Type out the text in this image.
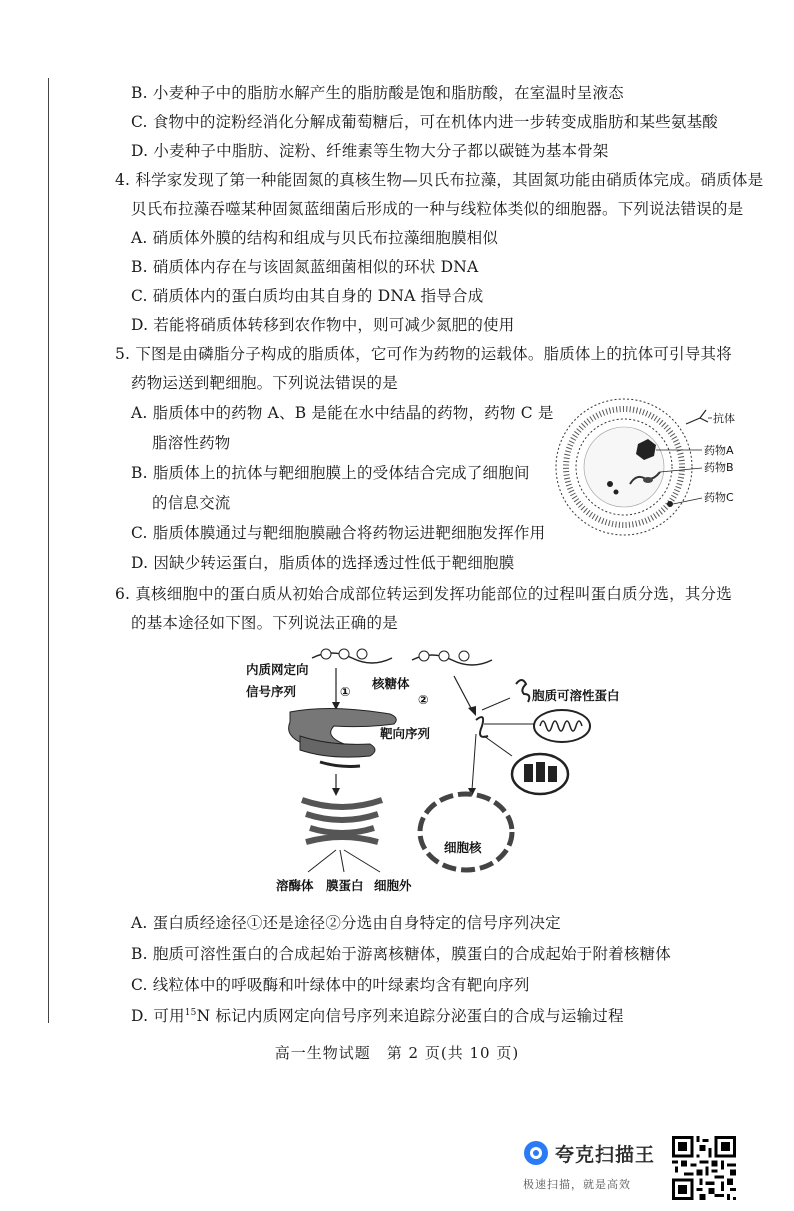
B. 小麦种子中的脂肪水解产生的脂肪酸是饱和脂肪酸，在室温时呈液态
C. 食物中的淀粉经消化分解成葡萄糖后，可在机体内进一步转变成脂肪和某些氨基酸
D. 小麦种子中脂肪、淀粉、纤维素等生物大分子都以碳链为基本骨架
4. 科学家发现了第一种能固氮的真核生物—贝氏布拉藻，其固氮功能由硝质体完成。硝质体是
贝氏布拉藻吞噬某种固氮蓝细菌后形成的一种与线粒体类似的细胞器。下列说法错误的是
A. 硝质体外膜的结构和组成与贝氏布拉藻细胞膜相似
B. 硝质体内存在与该固氮蓝细菌相似的环状 DNA
C. 硝质体内的蛋白质均由其自身的 DNA 指导合成
D. 若能将硝质体转移到农作物中，则可减少氮肥的使用
5. 下图是由磷脂分子构成的脂质体，它可作为药物的运载体。脂质体上的抗体可引导其将
药物运送到靶细胞。下列说法错误的是
A. 脂质体中的药物 A、B 是能在水中结晶的药物，药物 C 是
脂溶性药物
B. 脂质体上的抗体与靶细胞膜上的受体结合完成了细胞间
的信息交流
C. 脂质体膜通过与靶细胞膜融合将药物运进靶细胞发挥作用
D. 因缺少转运蛋白，脂质体的选择透过性低于靶细胞膜
抗体
药物A
药物B
药物C
6. 真核细胞中的蛋白质从初始合成部位转运到发挥功能部位的过程叫蛋白质分选，其分选
的基本途径如下图。下列说法正确的是
内质网定向
信号序列
核糖体
①
②
靶向序列
溶酶体 膜蛋白 细胞外
胞质可溶性蛋白
细胞核
A. 蛋白质经途径①还是途径②分选由自身特定的信号序列决定
B. 胞质可溶性蛋白的合成起始于游离核糖体，膜蛋白的合成起始于附着核糖体
C. 线粒体中的呼吸酶和叶绿体中的叶绿素均含有靶向序列
D. 可用$^{15}$N 标记内质网定向信号序列来追踪分泌蛋白的合成与运输过程
高一生物试题　第 2 页(共 10 页)
夸克扫描王
极速扫描，就是高效
